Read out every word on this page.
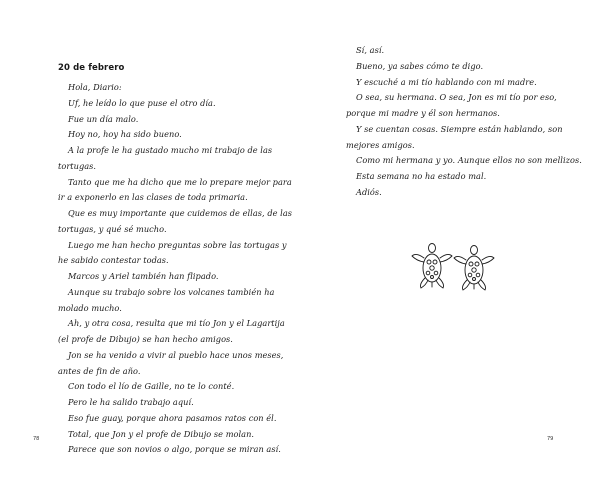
20 de febrero
Hola, Diario:
Uf, he leído lo que puse el otro día.
Fue un día malo.
Hoy no, hoy ha sido bueno.
A la profe le ha gustado mucho mi trabajo de las
tortugas.
Tanto que me ha dicho que me lo prepare mejor para
ir a exponerlo en las clases de toda primaria.
Que es muy importante que cuidemos de ellas, de las
tortugas, y qué sé mucho.
Luego me han hecho preguntas sobre las tortugas y
he sabido contestar todas.
Marcos y Ariel también han flipado.
Aunque su trabajo sobre los volcanes también ha
molado mucho.
Ah, y otra cosa, resulta que mi tío Jon y el Lagartija
(el profe de Dibujo) se han hecho amigos.
Jon se ha venido a vivir al pueblo hace unos meses,
antes de fin de año.
Con todo el lío de Gaille, no te lo conté.
Pero le ha salido trabajo aquí.
Eso fue guay, porque ahora pasamos ratos con él.
Total, que Jon y el profe de Dibujo se molan.
Parece que son novios o algo, porque se miran así.
78
Sí, así.
Bueno, ya sabes cómo te digo.
Y escuché a mi tío hablando con mi madre.
O sea, su hermana. O sea, Jon es mi tío por eso,
porque mi madre y él son hermanos.
Y se cuentan cosas. Siempre están hablando, son
mejores amigos.
Como mi hermana y yo. Aunque ellos no son mellizos.
Esta semana no ha estado mal.
Adiós.
79
